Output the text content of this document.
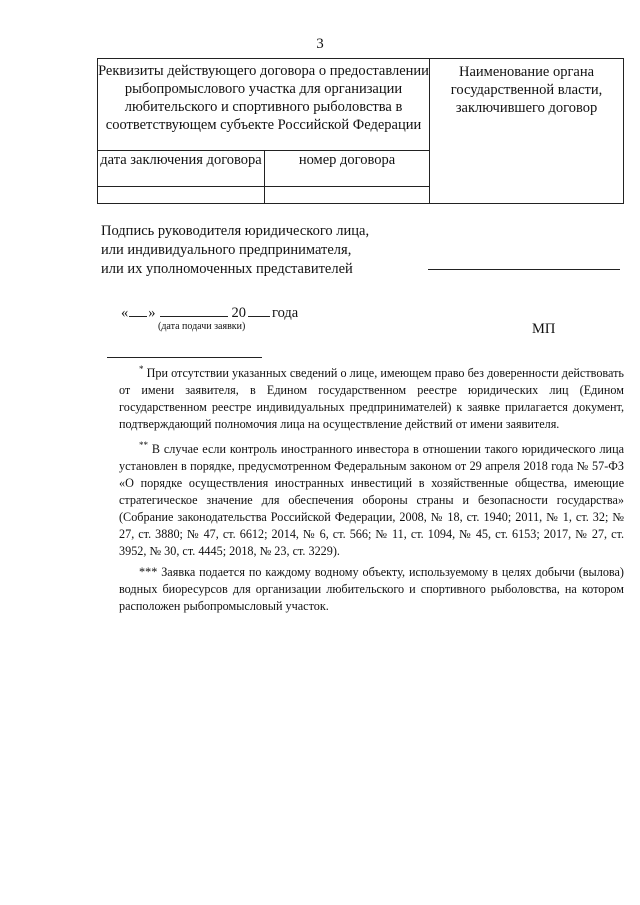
3
Реквизиты действующего договора о предоставлении рыбопромыслового участка для организации любительского и спортивного рыболовства в соответствующем субъекте Российской Федерации		Наименование органа государственной власти, заключившего договор
дата заключения договора	номер договора	

Подпись руководителя юридического лица,
или индивидуального предпринимателя,
или их уполномоченных представителей
« »	20 года
(дата подачи заявки)	МП

* При отсутствии указанных сведений о лице, имеющем право без доверенности действовать от имени заявителя, в Едином государственном реестре юридических лиц (Едином государственном реестре индивидуальных предпринимателей) к заявке прилагается документ, подтверждающий полномочия лица на осуществление действий от имени заявителя.

** В случае если контроль иностранного инвестора в отношении такого юридического лица установлен в порядке, предусмотренном Федеральным законом от 29 апреля 2018 года № 57-ФЗ «О порядке осуществления иностранных инвестиций в хозяйственные общества, имеющие стратегическое значение для обеспечения обороны страны и безопасности государства» (Собрание законодательства Российской Федерации, 2008, № 18, ст. 1940; 2011, № 1, ст. 32; № 27, ст. 3880; № 47, ст. 6612; 2014, № 6, ст. 566; № 11, ст. 1094, № 45, ст. 6153; 2017, № 27, ст. 3952, № 30, ст. 4445; 2018, № 23, ст. 3229).

*** Заявка подается по каждому водному объекту, используемому в целях добычи (вылова) водных биоресурсов для организации любительского и спортивного рыболовства, на котором расположен рыбопромысловый участок.
